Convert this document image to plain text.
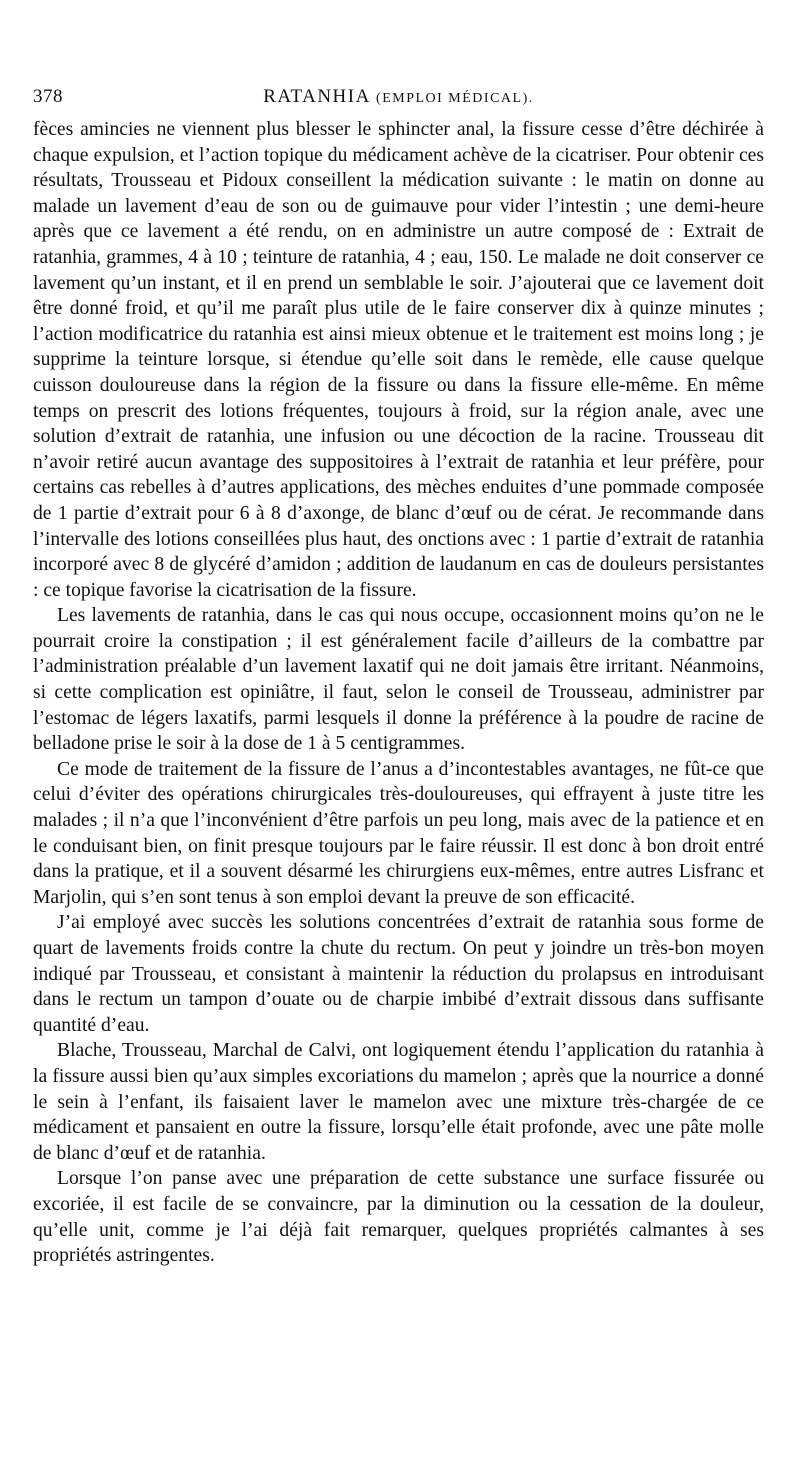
378	RATANHIA (EMPLOI MÉDICAL).

fèces amincies ne viennent plus blesser le sphincter anal, la fissure cesse d’être déchirée à chaque expulsion, et l’action topique du médicament achève de la cicatriser. Pour obtenir ces résultats, Trousseau et Pidoux conseillent la médication suivante : le matin on donne au malade un lavement d’eau de son ou de guimauve pour vider l’intestin ; une demi-heure après que ce lavement a été rendu, on en administre un autre composé de : Extrait de ratanhia, grammes, 4 à 10 ; teinture de ratanhia, 4 ; eau, 150. Le malade ne doit conserver ce lavement qu’un instant, et il en prend un semblable le soir. J’ajouterai que ce lavement doit être donné froid, et qu’il me paraît plus utile de le faire conserver dix à quinze minutes ; l’action modificatrice du ratanhia est ainsi mieux obtenue et le traitement est moins long ; je supprime la teinture lorsque, si étendue qu’elle soit dans le remède, elle cause quelque cuisson douloureuse dans la région de la fissure ou dans la fissure elle-même. En même temps on prescrit des lotions fréquentes, toujours à froid, sur la région anale, avec une solution d’extrait de ratanhia, une infusion ou une décoction de la racine. Trousseau dit n’avoir retiré aucun avantage des suppositoires à l’extrait de ratanhia et leur préfère, pour certains cas rebelles à d’autres applications, des mèches enduites d’une pommade composée de 1 partie d’extrait pour 6 à 8 d’axonge, de blanc d’œuf ou de cérat. Je recommande dans l’intervalle des lotions conseillées plus haut, des onctions avec : 1 partie d’extrait de ratanhia incorporé avec 8 de glycéré d’amidon ; addition de laudanum en cas de douleurs persistantes : ce topique favorise la cicatrisation de la fissure.

Les lavements de ratanhia, dans le cas qui nous occupe, occasionnent moins qu’on ne le pourrait croire la constipation ; il est généralement facile d’ailleurs de la combattre par l’administration préalable d’un lavement laxatif qui ne doit jamais être irritant. Néanmoins, si cette complication est opiniâtre, il faut, selon le conseil de Trousseau, administrer par l’estomac de légers laxatifs, parmi lesquels il donne la préférence à la poudre de racine de belladone prise le soir à la dose de 1 à 5 centigrammes.

Ce mode de traitement de la fissure de l’anus a d’incontestables avantages, ne fût-ce que celui d’éviter des opérations chirurgicales très-douloureuses, qui effrayent à juste titre les malades ; il n’a que l’inconvénient d’être parfois un peu long, mais avec de la patience et en le conduisant bien, on finit presque toujours par le faire réussir. Il est donc à bon droit entré dans la pratique, et il a souvent désarmé les chirurgiens eux-mêmes, entre autres Lisfranc et Marjolin, qui s’en sont tenus à son emploi devant la preuve de son efficacité.

J’ai employé avec succès les solutions concentrées d’extrait de ratanhia sous forme de quart de lavements froids contre la chute du rectum. On peut y joindre un très-bon moyen indiqué par Trousseau, et consistant à maintenir la réduction du prolapsus en introduisant dans le rectum un tampon d’ouate ou de charpie imbibé d’extrait dissous dans suffisante quantité d’eau.

Blache, Trousseau, Marchal de Calvi, ont logiquement étendu l’application du ratanhia à la fissure aussi bien qu’aux simples excoriations du mamelon ; après que la nourrice a donné le sein à l’enfant, ils faisaient laver le mamelon avec une mixture très-chargée de ce médicament et pansaient en outre la fissure, lorsqu’elle était profonde, avec une pâte molle de blanc d’œuf et de ratanhia.

Lorsque l’on panse avec une préparation de cette substance une surface fissurée ou excoriée, il est facile de se convaincre, par la diminution ou la cessation de la douleur, qu’elle unit, comme je l’ai déjà fait remarquer, quelques propriétés calmantes à ses propriétés astringentes.
